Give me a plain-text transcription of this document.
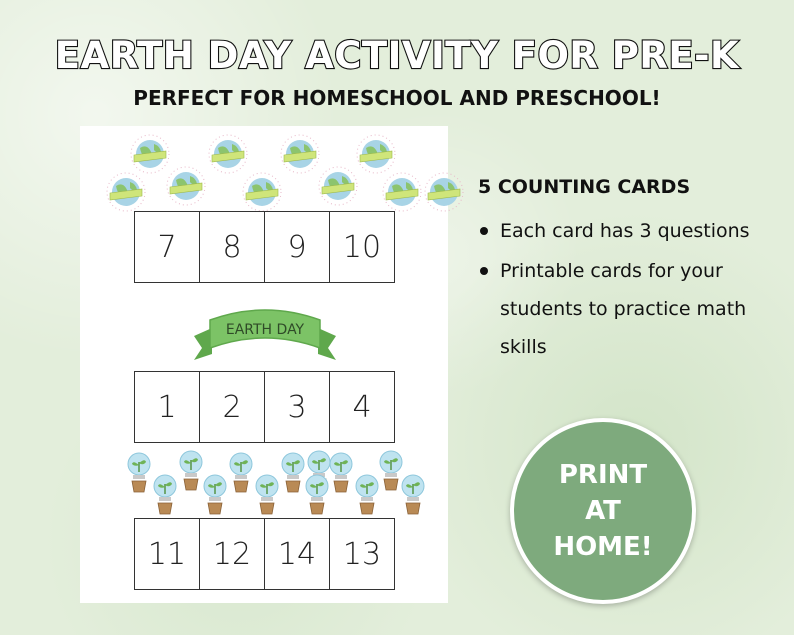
EARTH DAY ACTIVITY FOR PRE-K
PERFECT FOR HOMESCHOOL AND PRESCHOOL!
7	8	9	10
EARTH DAY
1	2	3	4
11 12 14 13
5 COUNTING CARDS
Each card has 3 questions
Printable cards for your students to practice math skills
PRINT AT HOME!
